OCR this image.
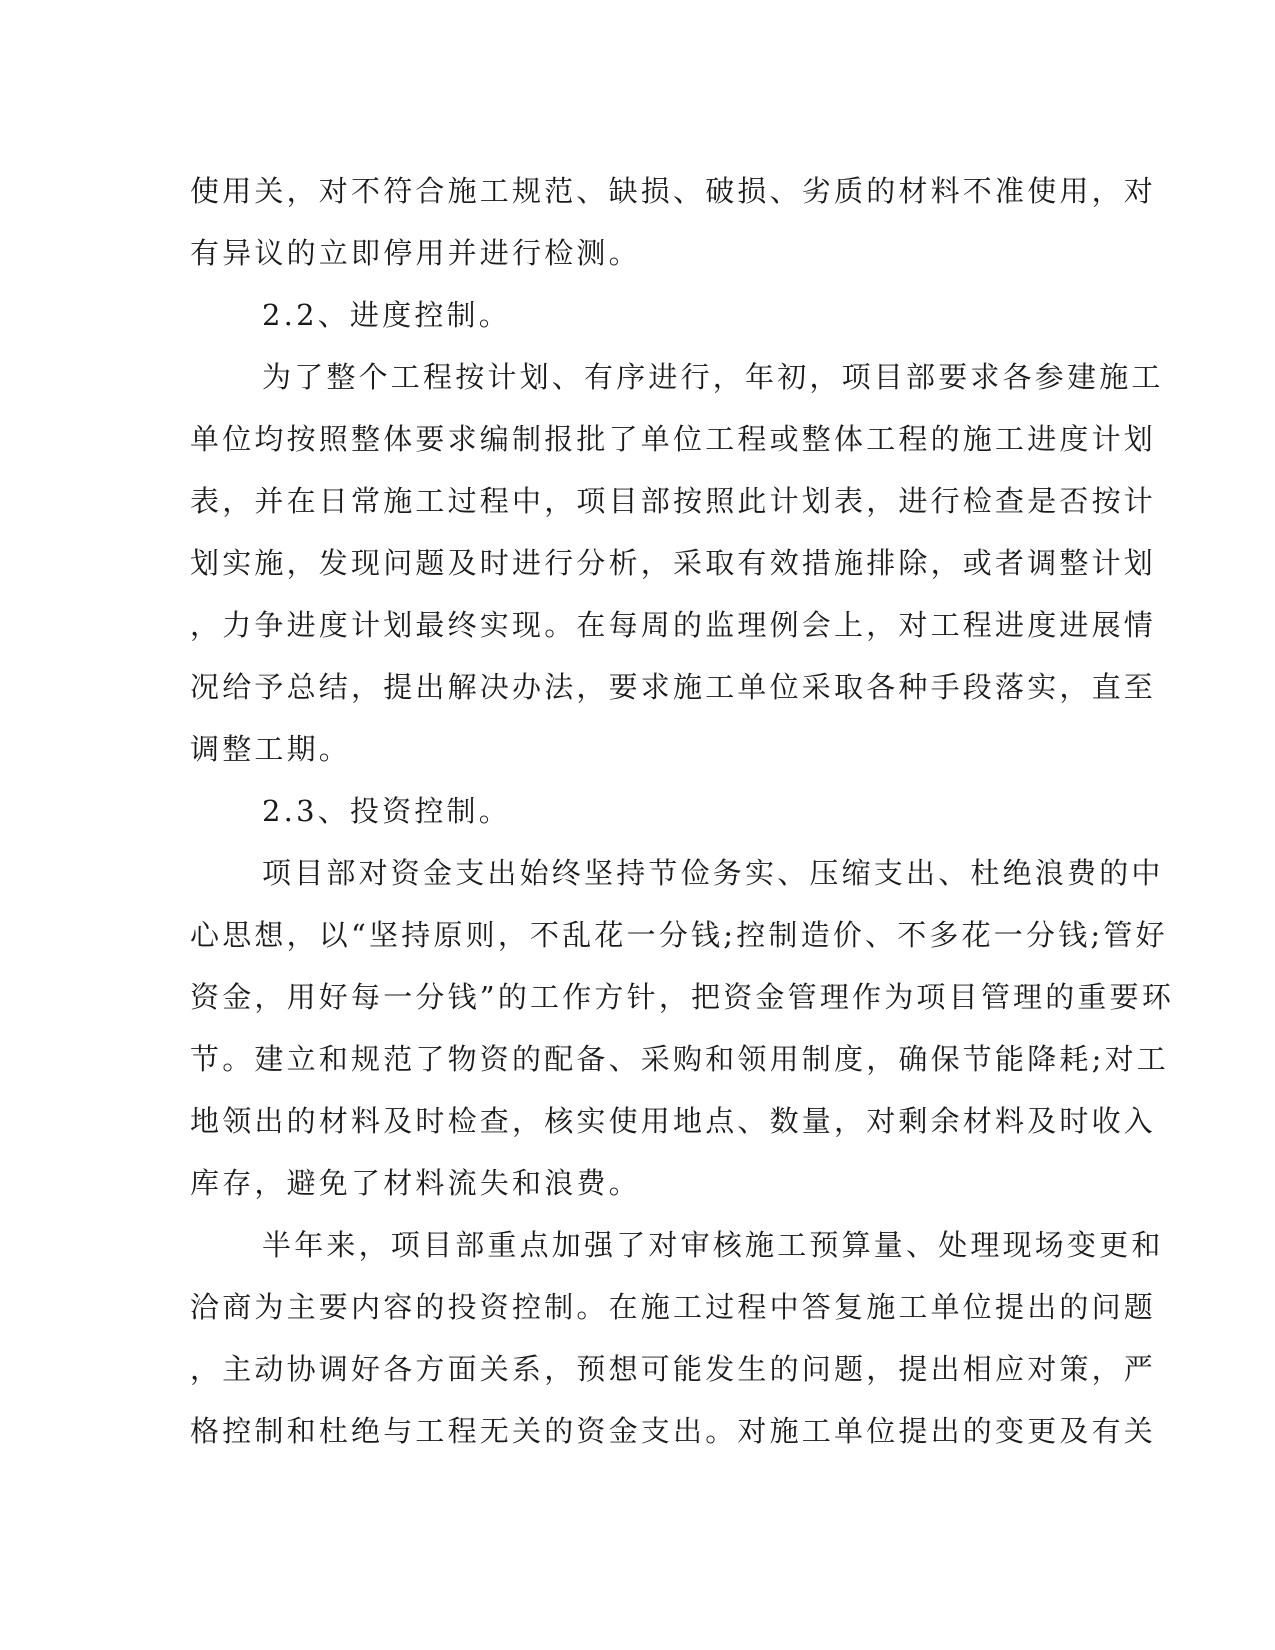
使用关，对不符合施工规范、缺损、破损、劣质的材料不准使用，对
有异议的立即停用并进行检测。
2.2、进度控制。
为了整个工程按计划、有序进行，年初，项目部要求各参建施工
单位均按照整体要求编制报批了单位工程或整体工程的施工进度计划
表，并在日常施工过程中，项目部按照此计划表，进行检查是否按计
划实施，发现问题及时进行分析，采取有效措施排除，或者调整计划
，力争进度计划最终实现。在每周的监理例会上，对工程进度进展情
况给予总结，提出解决办法，要求施工单位采取各种手段落实，直至
调整工期。
2.3、投资控制。
项目部对资金支出始终坚持节俭务实、压缩支出、杜绝浪费的中
心思想，以“坚持原则，不乱花一分钱;控制造价、不多花一分钱;管好
资金，用好每一分钱”的工作方针，把资金管理作为项目管理的重要环
节。建立和规范了物资的配备、采购和领用制度，确保节能降耗;对工
地领出的材料及时检查，核实使用地点、数量，对剩余材料及时收入
库存，避免了材料流失和浪费。
半年来，项目部重点加强了对审核施工预算量、处理现场变更和
洽商为主要内容的投资控制。在施工过程中答复施工单位提出的问题
，主动协调好各方面关系，预想可能发生的问题，提出相应对策，严
格控制和杜绝与工程无关的资金支出。对施工单位提出的变更及有关
